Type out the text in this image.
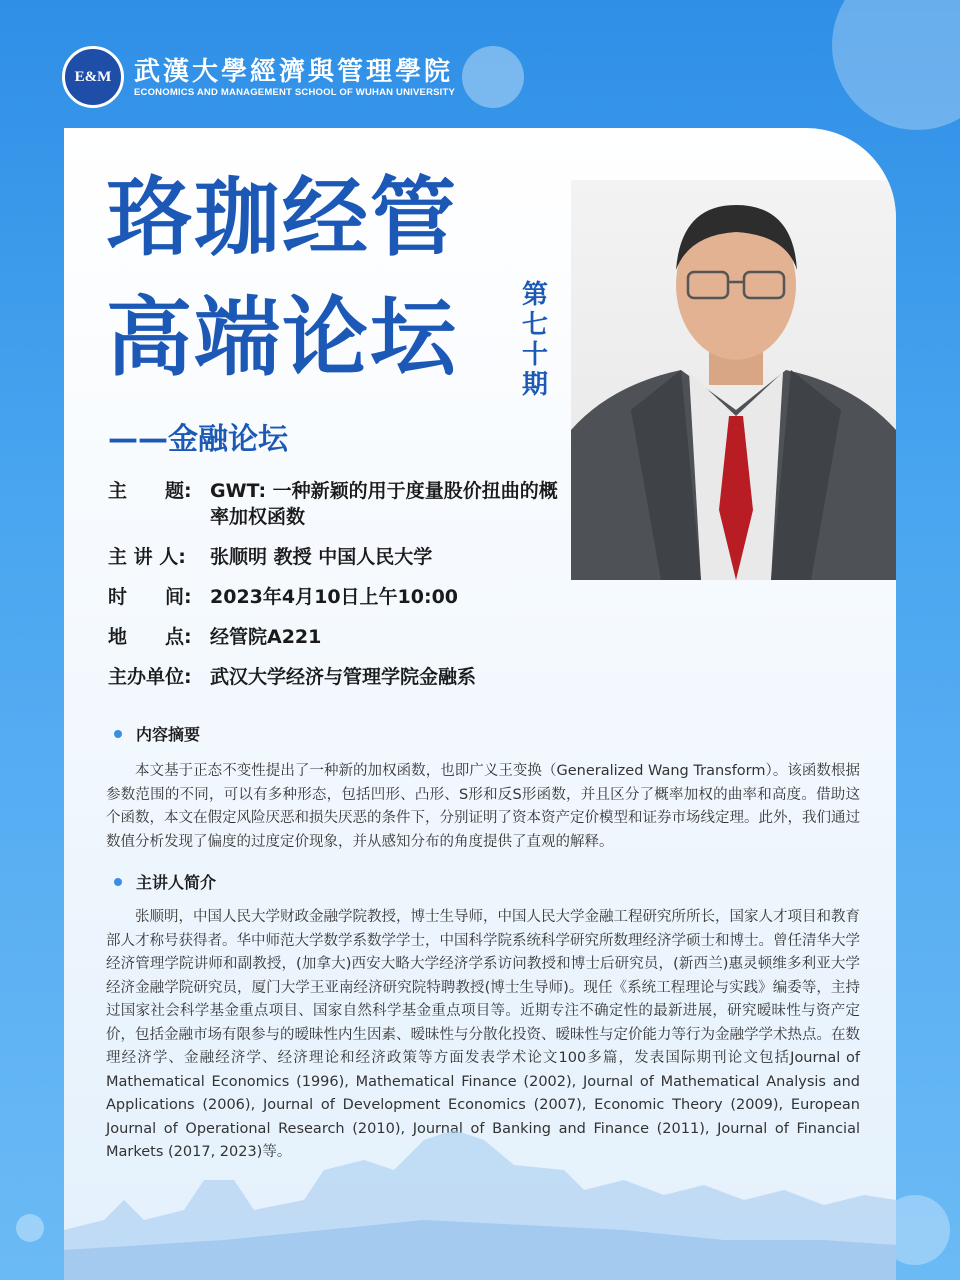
E&M 武漢大學經濟與管理學院
ECONOMICS AND MANAGEMENT SCHOOL OF WUHAN UNIVERSITY
珞珈经管
高端论坛 第
七
十
期
——金融论坛
主　　题: GWT: 一种新颖的用于度量股价扭曲的概率加权函数
主 讲 人:	张顺明 教授 中国人民大学
时　　间: 2023年4月10日上午10:00
地　　点: 经管院A221
主办单位: 武汉大学经济与管理学院金融系
内容摘要
本文基于正态不变性提出了一种新的加权函数，也即广义王变换（Generalized Wang Transform）。该函数根据参数范围的不同，可以有多种形态，包括凹形、凸形、S形和反S形函数，并且区分了概率加权的曲率和高度。借助这个函数，本文在假定风险厌恶和损失厌恶的条件下，分别证明了资本资产定价模型和证券市场线定理。此外，我们通过数值分析发现了偏度的过度定价现象，并从感知分布的角度提供了直观的解释。
主讲人简介
张顺明，中国人民大学财政金融学院教授，博士生导师，中国人民大学金融工程研究所所长，国家人才项目和教育部人才称号获得者。华中师范大学数学系数学学士，中国科学院系统科学研究所数理经济学硕士和博士。曾任清华大学经济管理学院讲师和副教授，(加拿大)西安大略大学经济学系访问教授和博士后研究员，(新西兰)惠灵顿维多利亚大学经济金融学院研究员，厦门大学王亚南经济研究院特聘教授(博士生导师)。现任《系统工程理论与实践》编委等，主持过国家社会科学基金重点项目、国家自然科学基金重点项目等。近期专注不确定性的最新进展，研究暧昧性与资产定价，包括金融市场有限参与的暧昧性内生因素、暧昧性与分散化投资、暧昧性与定价能力等行为金融学学术热点。在数理经济学、金融经济学、经济理论和经济政策等方面发表学术论文100多篇，发表国际期刊论文包括Journal of Mathematical Economics (1996), Mathematical Finance (2002), Journal of Mathematical Analysis and Applications (2006), Journal of Development Economics (2007), Economic Theory (2009), European Journal of Operational Research (2010), Journal of Banking and Finance (2011), Journal of Financial Markets (2017, 2023)等。
